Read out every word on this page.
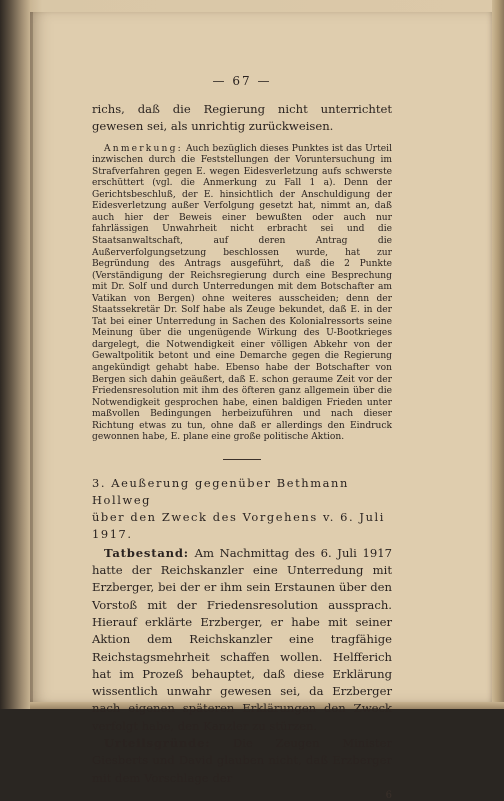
— 67 —

richs, daß die Regierung nicht unterrichtet gewesen sei, als unrichtig zurückweisen.

Anmerkung: Auch bezüglich dieses Punktes ist das Urteil inzwischen durch die Feststellungen der Voruntersuchung im Strafverfahren gegen E. wegen Eidesverletzung aufs schwerste erschüttert (vgl. die Anmerkung zu Fall 1 a). Denn der Gerichtsbeschluß, der E. hinsichtlich der Anschuldigung der Eidesverletzung außer Verfolgung gesetzt hat, nimmt an, daß auch hier der Beweis einer bewußten oder auch nur fahrlässigen Unwahrheit nicht erbracht sei und die Staatsanwaltschaft, auf deren Antrag die Außerverfolgungsetzung beschlossen wurde, hat zur Begründung des Antrags ausgeführt, daß die 2 Punkte (Verständigung der Reichsregierung durch eine Besprechung mit Dr. Solf und durch Unterredungen mit dem Botschafter am Vatikan von Bergen) ohne weiteres ausscheiden; denn der Staatssekretär Dr. Solf habe als Zeuge bekundet, daß E. in der Tat bei einer Unterredung in Sachen des Kolonialressorts seine Meinung über die ungenügende Wirkung des U-Bootkrieges dargelegt, die Notwendigkeit einer völligen Abkehr von der Gewaltpolitik betont und eine Demarche gegen die Regierung angekündigt gehabt habe. Ebenso habe der Botschafter von Bergen sich dahin geäußert, daß E. schon geraume Zeit vor der Friedensresolution mit ihm des öfteren ganz allgemein über die Notwendigkeit gesprochen habe, einen baldigen Frieden unter maßvollen Bedingungen herbeizuführen und nach dieser Richtung etwas zu tun, ohne daß er allerdings den Eindruck gewonnen habe, E. plane eine große politische Aktion.

3. Aeußerung gegenüber Bethmann Hollweg
über den Zweck des Vorgehens v. 6. Juli 1917.

Tatbestand: Am Nachmittag des 6. Juli 1917 hatte der Reichskanzler eine Unterredung mit Erzberger, bei der er ihm sein Erstaunen über den Vorstoß mit der Friedensresolution aussprach. Hierauf erklärte Erzberger, er habe mit seiner Aktion dem Reichskanzler eine tragfähige Reichstagsmehrheit schaffen wollen. Helfferich hat im Prozeß behauptet, daß diese Erklärung wissentlich unwahr gewesen sei, da Erzberger nach eigenen späteren Erklärungen den Zweck verfolgt habe, den Kanzler zu stürzen.

Urteilsgründe: Die Zeugen Minister Giesberts und David glauben nicht, daß Erzberger mit dem Vorschlage der

6
